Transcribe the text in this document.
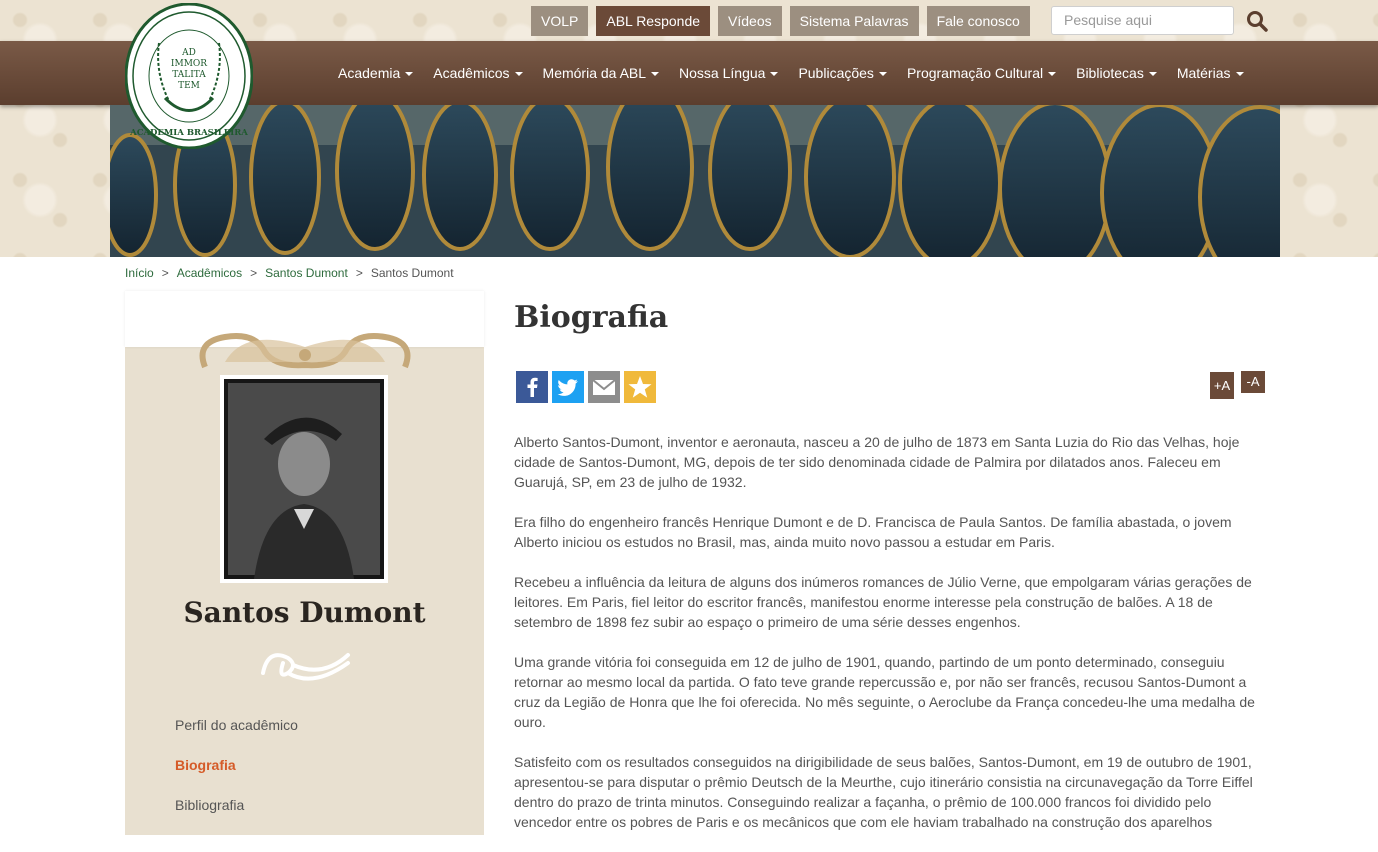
VOLP	ABL Responde	Vídeos	Sistema Palavras	Fale conosco	Pesquise aqui
Academia Acadêmicos Memória da ABL Nossa Língua Publicações Programação Cultural Bibliotecas Matérias
AD
IMMOR
TALITA
TEM
ACADEMIA BRASILEIRA
Início > Acadêmicos > Santos Dumont > Santos Dumont
Santos Dumont
Perfil do acadêmico
Biografia
Bibliografia
Biografia
+A	-A

Alberto Santos-Dumont, inventor e aeronauta, nasceu a 20 de julho de 1873 em Santa Luzia do Rio das Velhas, hoje cidade de Santos-Dumont, MG, depois de ter sido denominada cidade de Palmira por dilatados anos. Faleceu em Guarujá, SP, em 23 de julho de 1932.

Era filho do engenheiro francês Henrique Dumont e de D. Francisca de Paula Santos. De família abastada, o jovem Alberto iniciou os estudos no Brasil, mas, ainda muito novo passou a estudar em Paris.

Recebeu a influência da leitura de alguns dos inúmeros romances de Júlio Verne, que empolgaram várias gerações de leitores. Em Paris, fiel leitor do escritor francês, manifestou enorme interesse pela construção de balões. A 18 de setembro de 1898 fez subir ao espaço o primeiro de uma série desses engenhos.

Uma grande vitória foi conseguida em 12 de julho de 1901, quando, partindo de um ponto determinado, conseguiu retornar ao mesmo local da partida. O fato teve grande repercussão e, por não ser francês, recusou Santos-Dumont a cruz da Legião de Honra que lhe foi oferecida. No mês seguinte, o Aeroclube da França concedeu-lhe uma medalha de ouro.

Satisfeito com os resultados conseguidos na dirigibilidade de seus balões, Santos-Dumont, em 19 de outubro de 1901, apresentou-se para disputar o prêmio Deutsch de la Meurthe, cujo itinerário consistia na circunavegação da Torre Eiffel dentro do prazo de trinta minutos. Conseguindo realizar a façanha, o prêmio de 100.000 francos foi dividido pelo vencedor entre os pobres de Paris e os mecânicos que com ele haviam trabalhado na construção dos aparelhos
